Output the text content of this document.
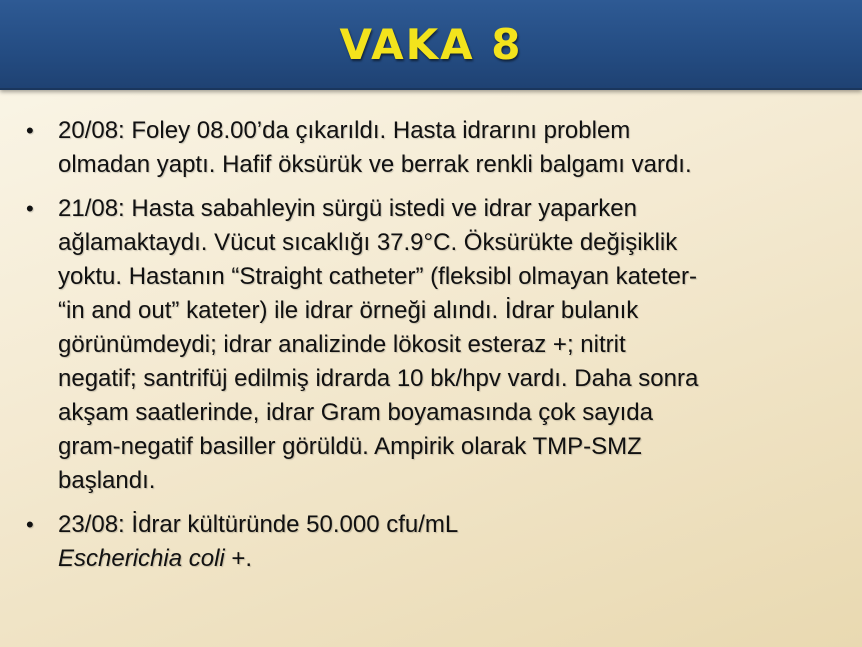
VAKA 8
• 20/08: Foley 08.00’da çıkarıldı. Hasta idrarını problem
olmadan yaptı. Hafif öksürük ve berrak renkli balgamı vardı.
• 21/08: Hasta sabahleyin sürgü istedi ve idrar yaparken
ağlamaktaydı. Vücut sıcaklığı 37.9°C. Öksürükte değişiklik
yoktu. Hastanın “Straight catheter” (fleksibl olmayan kateter-
“in and out” kateter) ile idrar örneği alındı. İdrar bulanık
görünümdeydi; idrar analizinde lökosit esteraz +; nitrit
negatif; santrifüj edilmiş idrarda 10 bk/hpv vardı. Daha sonra
akşam saatlerinde, idrar Gram boyamasında çok sayıda
gram-negatif basiller görüldü. Ampirik olarak TMP-SMZ
başlandı.
• 23/08: İdrar kültüründe 50.000 cfu/mL
Escherichia coli +.
